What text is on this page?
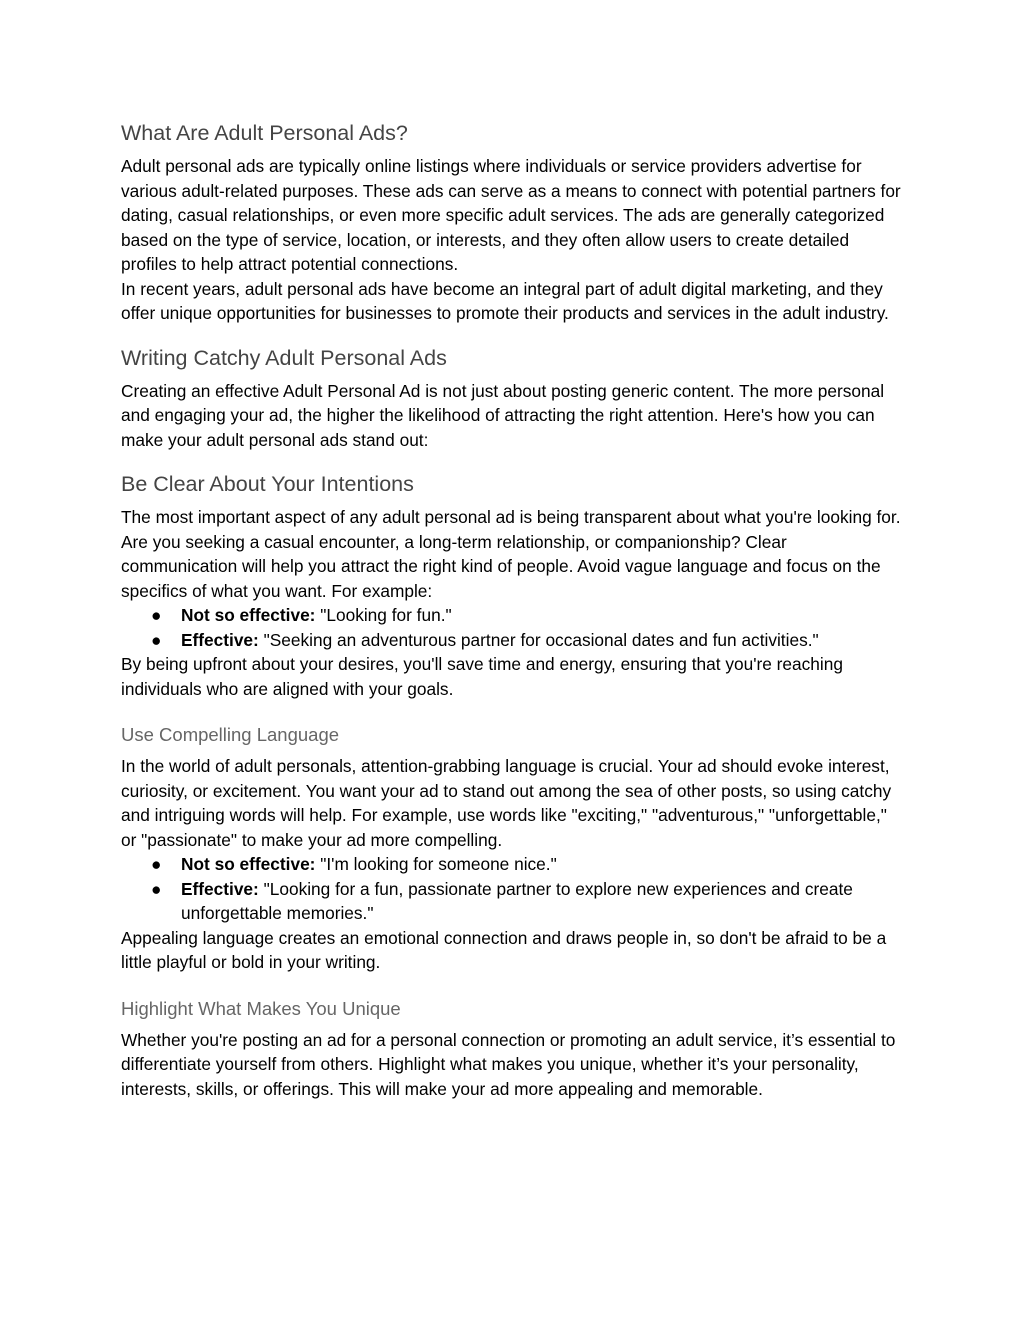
What Are Adult Personal Ads?

Adult personal ads are typically online listings where individuals or service providers advertise for various adult-related purposes. These ads can serve as a means to connect with potential partners for dating, casual relationships, or even more specific adult services. The ads are generally categorized based on the type of service, location, or interests, and they often allow users to create detailed profiles to help attract potential connections.

In recent years, adult personal ads have become an integral part of adult digital marketing, and they offer unique opportunities for businesses to promote their products and services in the adult industry.

Writing Catchy Adult Personal Ads

Creating an effective Adult Personal Ad is not just about posting generic content. The more personal and engaging your ad, the higher the likelihood of attracting the right attention. Here's how you can make your adult personal ads stand out:

Be Clear About Your Intentions

The most important aspect of any adult personal ad is being transparent about what you're looking for. Are you seeking a casual encounter, a long-term relationship, or companionship? Clear communication will help you attract the right kind of people. Avoid vague language and focus on the specifics of what you want. For example:

● Not so effective: "Looking for fun."
● Effective: "Seeking an adventurous partner for occasional dates and fun activities."

By being upfront about your desires, you'll save time and energy, ensuring that you're reaching individuals who are aligned with your goals.

Use Compelling Language

In the world of adult personals, attention-grabbing language is crucial. Your ad should evoke interest, curiosity, or excitement. You want your ad to stand out among the sea of other posts, so using catchy and intriguing words will help. For example, use words like "exciting," "adventurous," "unforgettable," or "passionate" to make your ad more compelling.

● Not so effective: "I'm looking for someone nice."
● Effective: "Looking for a fun, passionate partner to explore new experiences and create unforgettable memories."

Appealing language creates an emotional connection and draws people in, so don't be afraid to be a little playful or bold in your writing.

Highlight What Makes You Unique

Whether you're posting an ad for a personal connection or promoting an adult service, it’s essential to differentiate yourself from others. Highlight what makes you unique, whether it’s your personality, interests, skills, or offerings. This will make your ad more appealing and memorable.
